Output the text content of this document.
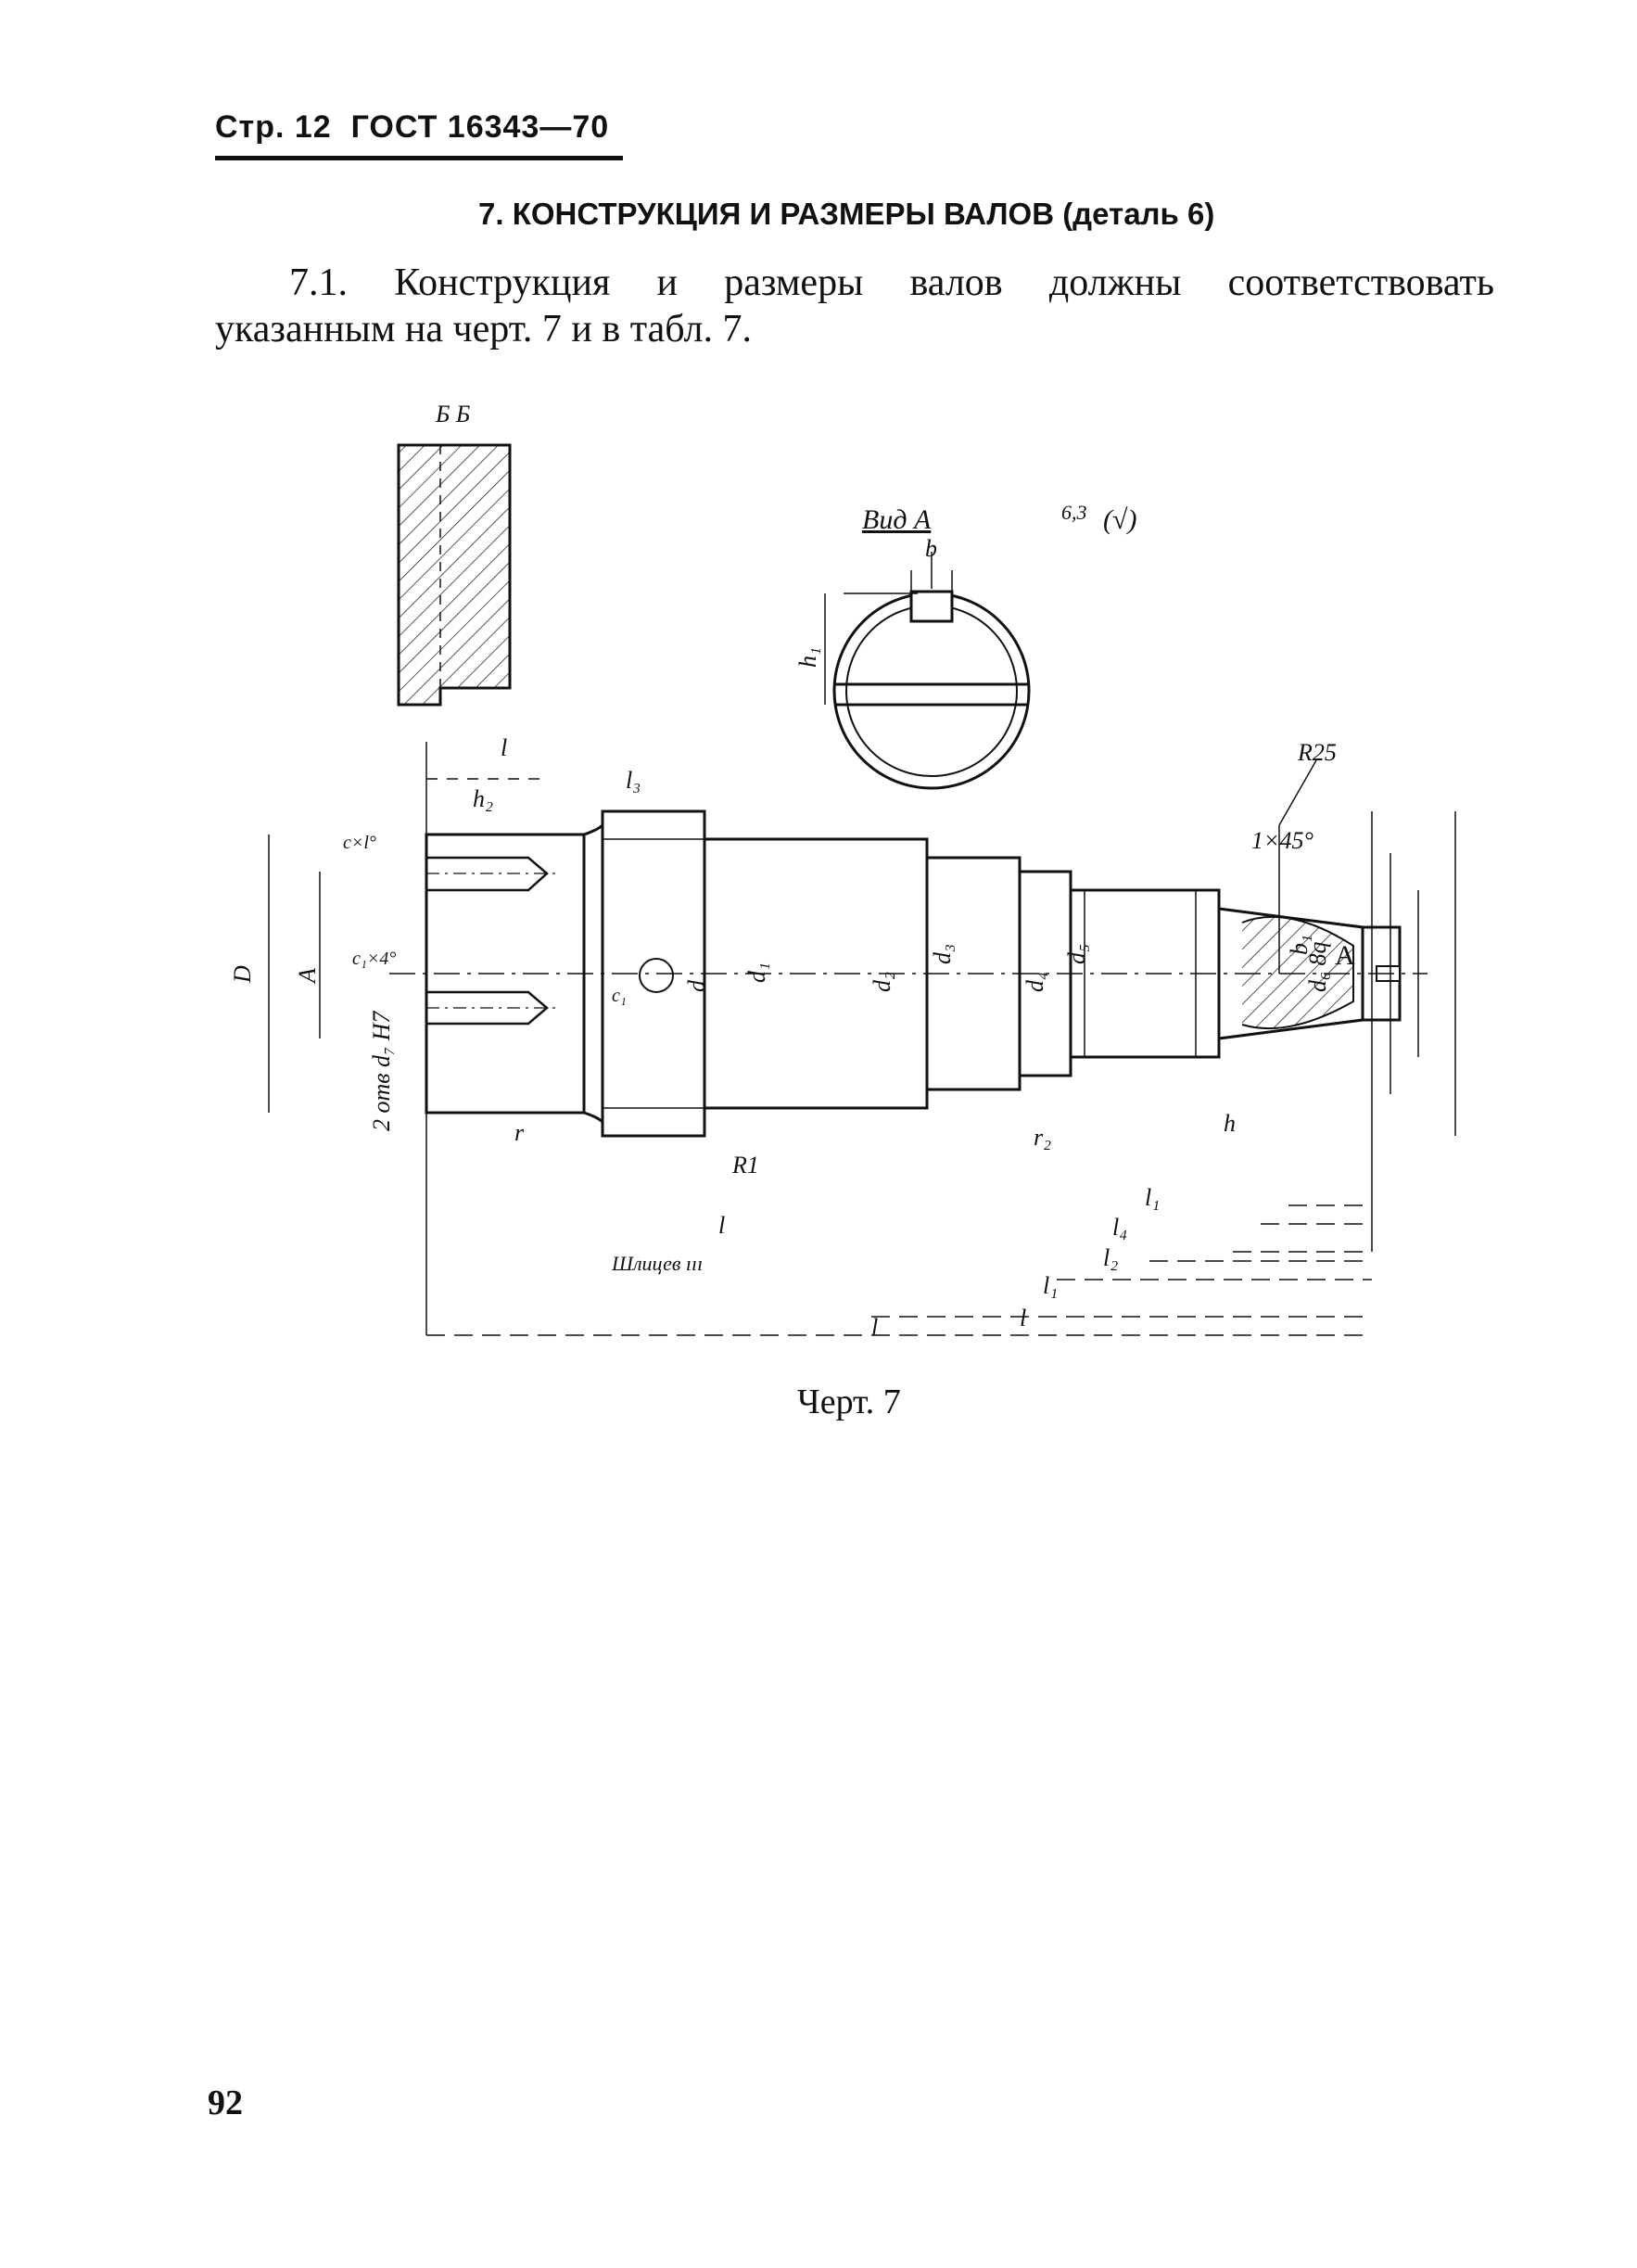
Стр. 12 ГОСТ 16343—70
7. КОНСТРУКЦИЯ И РАЗМЕРЫ ВАЛОВ (деталь 6)
7.1. Конструкция и размеры валов должны соответствовать
указанным на черт. 7 и в табл. 7.
Б Б
Вид А	6,3 (√)
b
h₁
l
h₂
l₃
c×l°
c₁×4°
1×45°
R25
d₁	d₂
d₃
d₄
d₅
d
D A
b₁
d₆ 8q A
r₂
r
R1
2 отв d₇ H7	h
l₁
l₄
l₂
l₁
l
l
l
Шлицев ııı
c₁
Черт. 7
92
